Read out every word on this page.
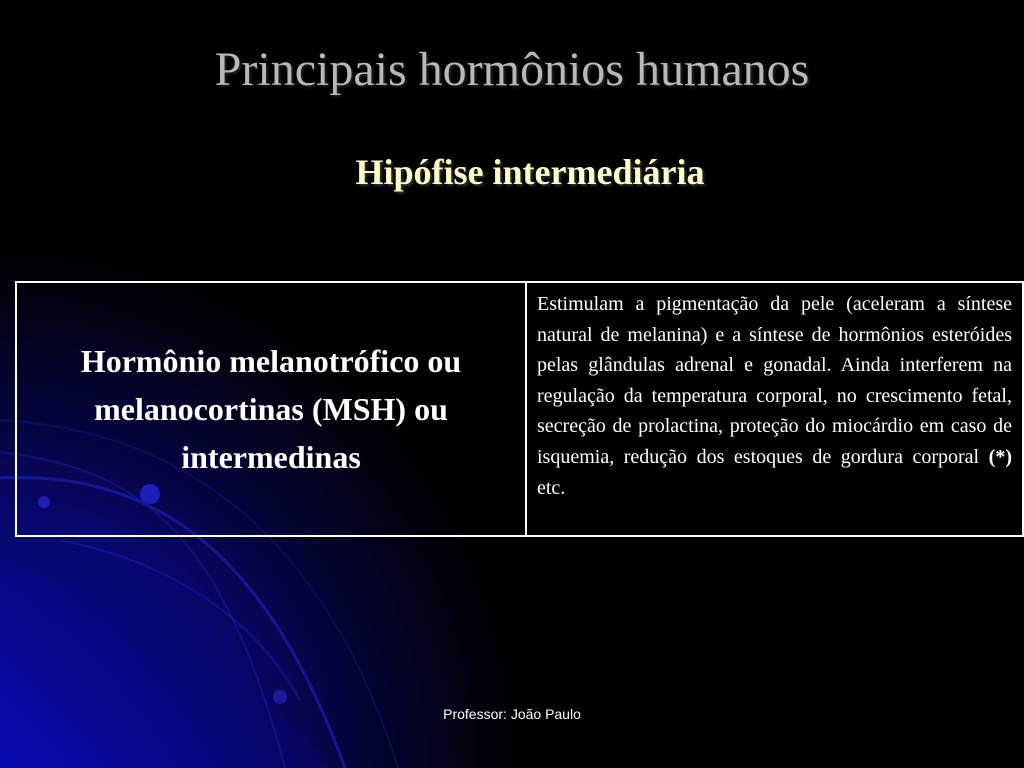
Principais hormônios humanos
Hipófise intermediária
Hormônio melanotrófico ou melanocortinas (MSH) ou intermedinas	Estimulam a pigmentação da pele (aceleram a síntese natural de melanina) e a síntese de hormônios esteróides pelas glândulas adrenal e gonadal. Ainda interferem na regulação da temperatura corporal, no crescimento fetal, secreção de prolactina, proteção do miocárdio em caso de isquemia, redução dos estoques de gordura corporal (*) etc.
Professor: João Paulo
